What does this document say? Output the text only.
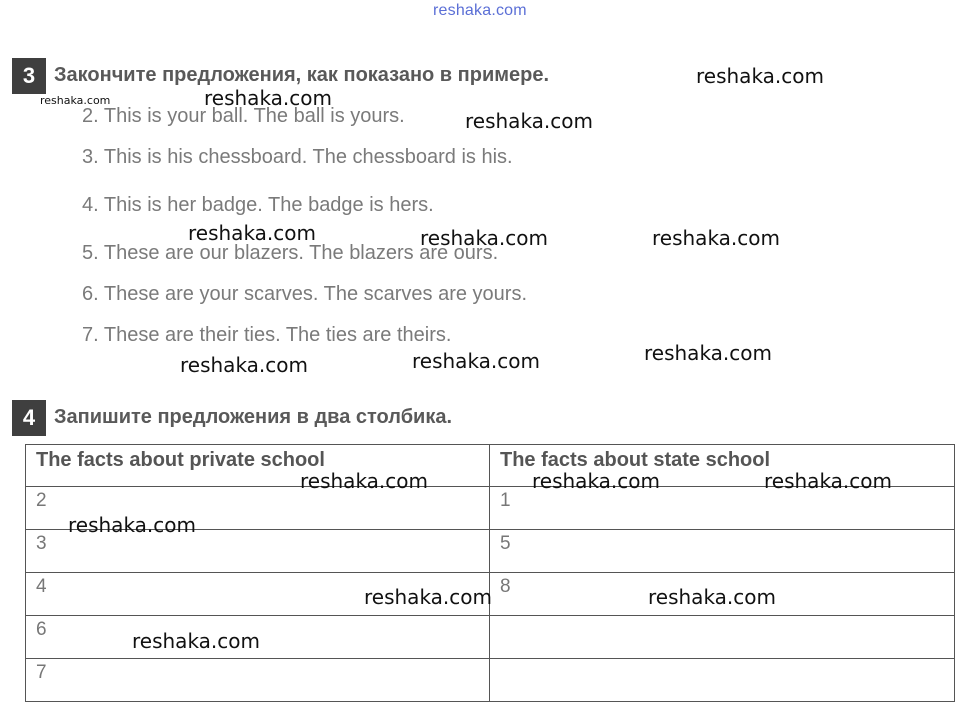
reshaka.com
3 Закончите предложения, как показано в примере.
2. This is your ball. The ball is yours.
3. This is his chessboard. The chessboard is his.
4. This is her badge. The badge is hers.
5. These are our blazers. The blazers are ours.
6. These are your scarves. The scarves are yours.
7. These are their ties. The ties are theirs.
4 Запишите предложения в два столбика.
The facts about private school	The facts about state school
2	1
3	5
4	8
6	
7	
reshaka.com
reshaka.com
reshaka.com
reshaka.com
reshaka.com	reshaka.com	reshaka.com
reshaka.com	reshaka.com	reshaka.com
reshaka.com	reshaka.com	reshaka.com
reshaka.com
reshaka.com	reshaka.com
reshaka.com
